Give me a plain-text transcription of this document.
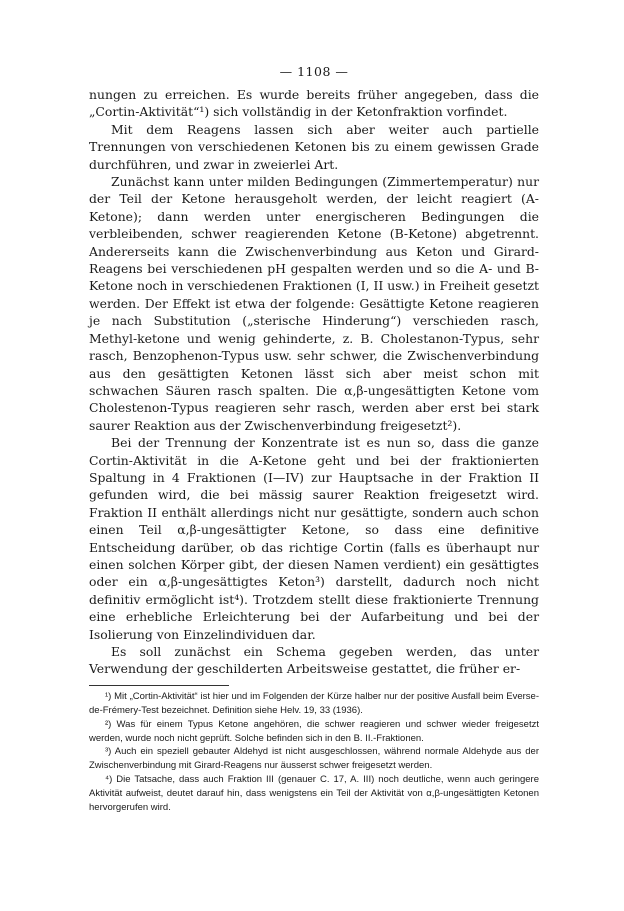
— 1108 —

nungen zu erreichen. Es wurde bereits früher angegeben, dass die „Cortin-Aktivität“¹) sich vollständig in der Ketonfraktion vorfindet.

Mit dem Reagens lassen sich aber weiter auch partielle Trennungen von verschiedenen Ketonen bis zu einem gewissen Grade durchführen, und zwar in zweierlei Art.

Zunächst kann unter milden Bedingungen (Zimmertemperatur) nur der Teil der Ketone herausgeholt werden, der leicht reagiert (A-Ketone); dann werden unter energischeren Bedingungen die verbleibenden, schwer reagierenden Ketone (B-Ketone) abgetrennt. Andererseits kann die Zwischenverbindung aus Keton und Girard-Reagens bei verschiedenen pH gespalten werden und so die A- und B-Ketone noch in verschiedenen Fraktionen (I, II usw.) in Freiheit gesetzt werden. Der Effekt ist etwa der folgende: Gesättigte Ketone reagieren je nach Substitution („sterische Hinderung“) verschieden rasch, Methyl-ketone und wenig gehinderte, z. B. Cholestanon-Typus, sehr rasch, Benzophenon-Typus usw. sehr schwer, die Zwischenverbindung aus den gesättigten Ketonen lässt sich aber meist schon mit schwachen Säuren rasch spalten. Die α,β-ungesättigten Ketone vom Cholestenon-Typus reagieren sehr rasch, werden aber erst bei stark saurer Reaktion aus der Zwischenverbindung freigesetzt²).

Bei der Trennung der Konzentrate ist es nun so, dass die ganze Cortin-Aktivität in die A-Ketone geht und bei der fraktionierten Spaltung in 4 Fraktionen (I—IV) zur Hauptsache in der Fraktion II gefunden wird, die bei mässig saurer Reaktion freigesetzt wird. Fraktion II enthält allerdings nicht nur gesättigte, sondern auch schon einen Teil α,β-ungesättigter Ketone, so dass eine definitive Entscheidung darüber, ob das richtige Cortin (falls es überhaupt nur einen solchen Körper gibt, der diesen Namen verdient) ein gesättigtes oder ein α,β-ungesättigtes Keton³) darstellt, dadurch noch nicht definitiv ermöglicht ist⁴). Trotzdem stellt diese fraktionierte Trennung eine erhebliche Erleichterung bei der Aufarbeitung und bei der Isolierung von Einzelindividuen dar.

Es soll zunächst ein Schema gegeben werden, das unter Verwendung der geschilderten Arbeitsweise gestattet, die früher er-

¹) Mit „Cortin-Aktivität“ ist hier und im Folgenden der Kürze halber nur der positive Ausfall beim Everse-de-Frémery-Test bezeichnet. Definition siehe Helv. 19, 33 (1936).

²) Was für einem Typus Ketone angehören, die schwer reagieren und schwer wieder freigesetzt werden, wurde noch nicht geprüft. Solche befinden sich in den B. II.-Fraktionen.

³) Auch ein speziell gebauter Aldehyd ist nicht ausgeschlossen, während normale Aldehyde aus der Zwischenverbindung mit Girard-Reagens nur äusserst schwer freigesetzt werden.

⁴) Die Tatsache, dass auch Fraktion III (genauer C. 17, A. III) noch deutliche, wenn auch geringere Aktivität aufweist, deutet darauf hin, dass wenigstens ein Teil der Aktivität von α,β-ungesättigten Ketonen hervorgerufen wird.
